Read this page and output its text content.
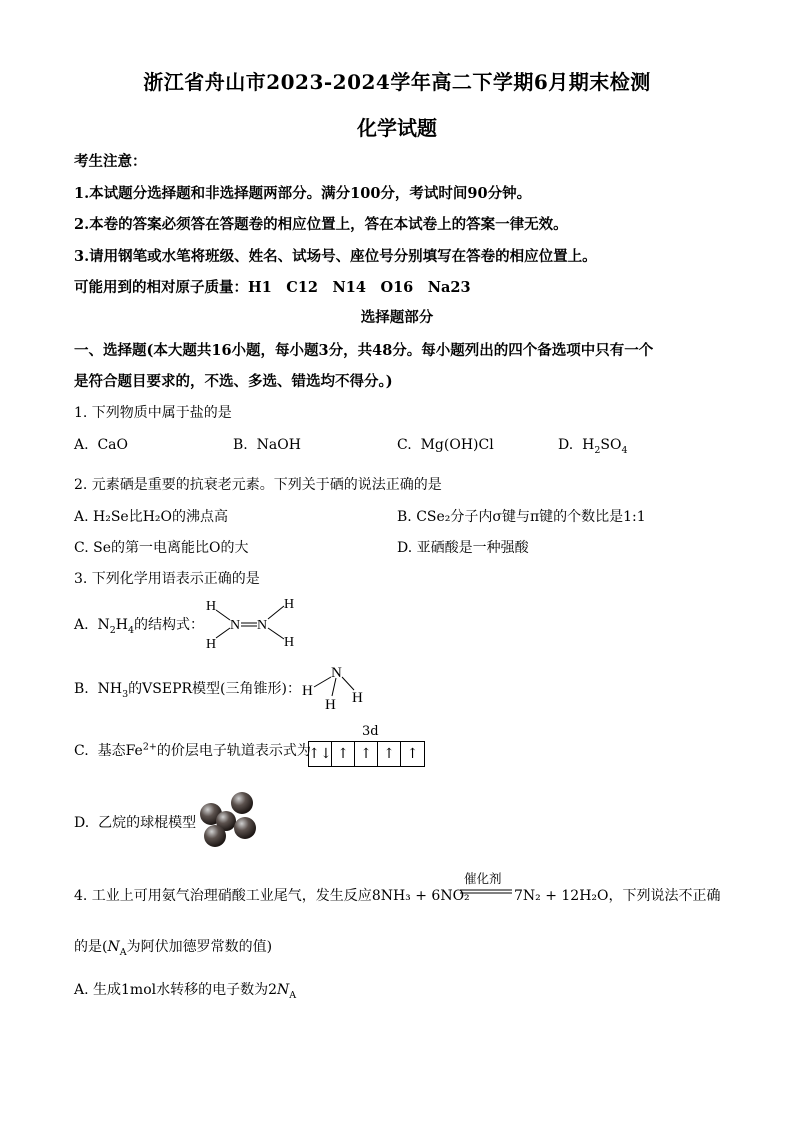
浙江省舟山市2023-2024学年高二下学期6月期末检测
化学试题
考生注意：
1.本试题分选择题和非选择题两部分。满分100分，考试时间90分钟。
2.本卷的答案必须答在答题卷的相应位置上，答在本试卷上的答案一律无效。
3.请用钢笔或水笔将班级、姓名、试场号、座位号分别填写在答卷的相应位置上。
可能用到的相对原子质量：H1　C12　N14　O16　Na23
选择题部分
一、选择题(本大题共16小题，每小题3分，共48分。每小题列出的四个备选项中只有一个
是符合题目要求的，不选、多选、错选均不得分。)
1. 下列物质中属于盐的是
A. CaO	B. NaOH	C. Mg(OH)Cl	D. $H_2SO_4$
2. 元素硒是重要的抗衰老元素。下列关于硒的说法正确的是
A. H₂Se比H₂O的沸点高	B. CSe₂分子内σ键与π键的个数比是1:1
C. Se的第一电离能比O的大	D. 亚硒酸是一种强酸
3. 下列化学用语表示正确的是
A. $N_2H_4$的结构式：
H
H
N N
H
H
B. $NH_3$的VSEPR模型(三角锥形)：
N
H
H H
C. 基态$Fe^{2+}$的价层电子轨道表示式为
3d
↑↓ ↑ ↑ ↑ ↑
D. 乙烷的球棍模型
4. 工业上可用氨气治理硝酸工业尾气，发生反应8NH₃ + 6NO₂
催化剂
7N₂ + 12H₂O，下列说法不正确
的是($N_A$为阿伏加德罗常数的值)
A. 生成1mol水转移的电子数为$2N_A$
